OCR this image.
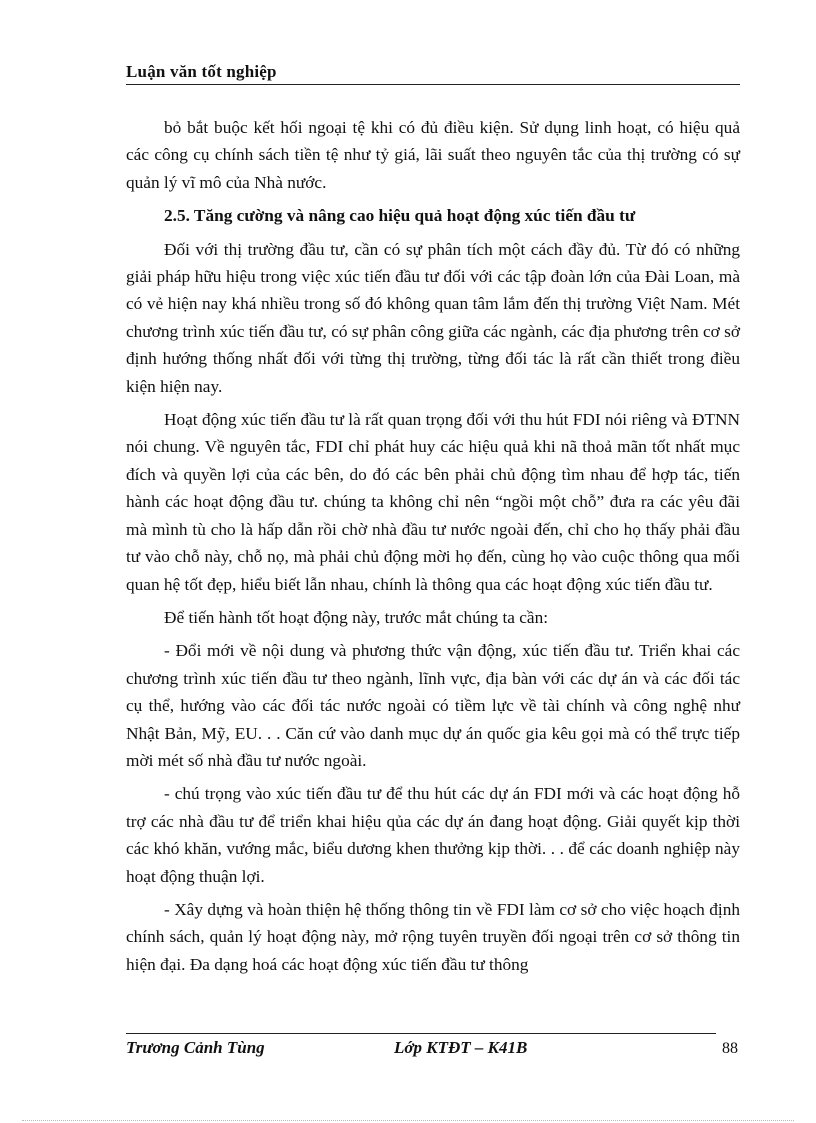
Luận văn tốt nghiệp

bỏ bắt buộc kết hối ngoại tệ khi có đủ điều kiện. Sử dụng linh hoạt, có hiệu quả các công cụ chính sách tiền tệ như tỷ giá, lãi suất theo nguyên tắc của thị trường có sự quản lý vĩ mô của Nhà nước.

2.5. Tăng cường và nâng cao hiệu quả hoạt động xúc tiến đầu tư

Đối với thị trường đầu tư, cần có sự phân tích một cách đầy đủ. Từ đó có những giải pháp hữu hiệu trong việc xúc tiến đầu tư đối với các tập đoàn lớn của Đài Loan, mà có vẻ hiện nay khá nhiều trong số đó không quan tâm lắm đến thị trường Việt Nam. Mét chương trình xúc tiến đầu tư, có sự phân công giữa các ngành, các địa phương trên cơ sở định hướng thống nhất đối với từng thị trường, từng đối tác là rất cần thiết trong điều kiện hiện nay.

Hoạt động xúc tiến đầu tư là rất quan trọng đối với thu hút FDI nói riêng và ĐTNN nói chung. Về nguyên tắc, FDI chỉ phát huy các hiệu quả khi nã thoả mãn tốt nhất mục đích và quyền lợi của các bên, do đó các bên phải chủ động tìm nhau để hợp tác, tiến hành các hoạt động đầu tư. chúng ta không chỉ nên “ngồi một chỗ” đưa ra các yêu đãi mà mình tù cho là hấp dẫn rồi chờ nhà đầu tư nước ngoài đến, chỉ cho họ thấy phải đầu tư vào chỗ này, chỗ nọ, mà phải chủ động mời họ đến, cùng họ vào cuộc thông qua mối quan hệ tốt đẹp, hiểu biết lẫn nhau, chính là thông qua các hoạt động xúc tiến đầu tư.

Để tiến hành tốt hoạt động này, trước mắt chúng ta cần:

- Đổi mới về nội dung và phương thức vận động, xúc tiến đầu tư. Triển khai các chương trình xúc tiến đầu tư theo ngành, lĩnh vực, địa bàn với các dự án và các đối tác cụ thể, hướng vào các đối tác nước ngoài có tiềm lực về tài chính và công nghệ như Nhật Bản, Mỹ, EU. . . Căn cứ vào danh mục dự án quốc gia kêu gọi mà có thể trực tiếp mời mét số nhà đầu tư nước ngoài.

- chú trọng vào xúc tiến đầu tư để thu hút các dự án FDI mới và các hoạt động hỗ trợ các nhà đầu tư để triển khai hiệu qủa các dự án đang hoạt động. Giải quyết kịp thời các khó khăn, vướng mắc, biểu dương khen thưởng kịp thời. . . để các doanh nghiệp này hoạt động thuận lợi.

- Xây dựng và hoàn thiện hệ thống thông tin về FDI làm cơ sở cho việc hoạch định chính sách, quản lý hoạt động này, mở rộng tuyên truyền đối ngoại trên cơ sở thông tin hiện đại. Đa dạng hoá các hoạt động xúc tiến đầu tư thông

Trương Cảnh Tùng	Lớp KTĐT – K41B	88
